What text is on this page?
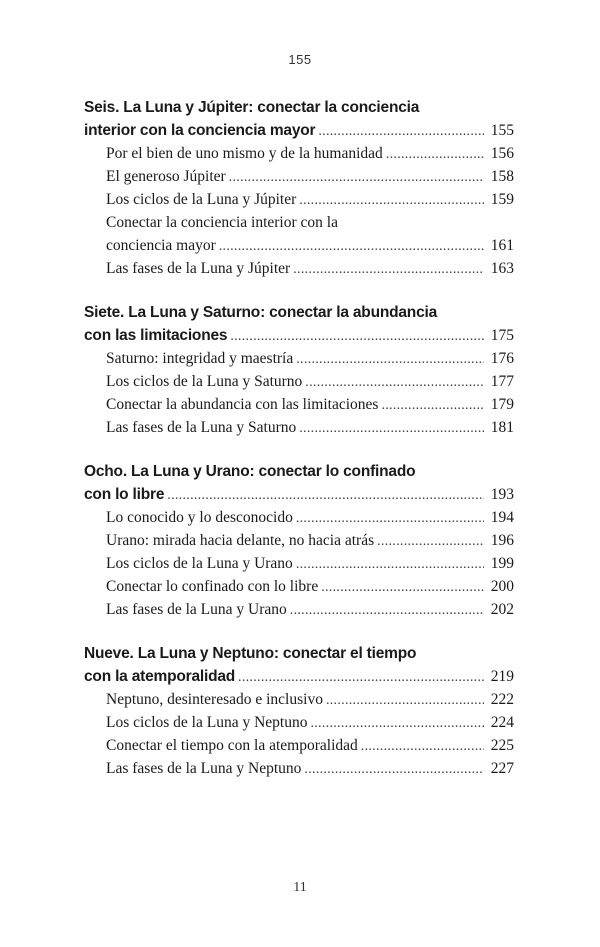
155
Seis. La Luna y Júpiter: conectar la conciencia
interior con la conciencia mayor .....	155
Por el bien de uno mismo y de la humanidad .....	156
El generoso Júpiter .....	158
Los ciclos de la Luna y Júpiter .....	159
Conectar la conciencia interior con la
conciencia mayor .....	161
Las fases de la Luna y Júpiter .....	163
Siete. La Luna y Saturno: conectar la abundancia
con las limitaciones .....	175
Saturno: integridad y maestría .....	176
Los ciclos de la Luna y Saturno .....	177
Conectar la abundancia con las limitaciones .....	179
Las fases de la Luna y Saturno .....	181
Ocho. La Luna y Urano: conectar lo confinado
con lo libre .....	193
Lo conocido y lo desconocido .....	194
Urano: mirada hacia delante, no hacia atrás .....	196
Los ciclos de la Luna y Urano .....	199
Conectar lo confinado con lo libre .....	200
Las fases de la Luna y Urano .....	202
Nueve. La Luna y Neptuno: conectar el tiempo
con la atemporalidad .....	219
Neptuno, desinteresado e inclusivo .....	222
Los ciclos de la Luna y Neptuno .....	224
Conectar el tiempo con la atemporalidad .....	225
Las fases de la Luna y Neptuno .....	227
11
